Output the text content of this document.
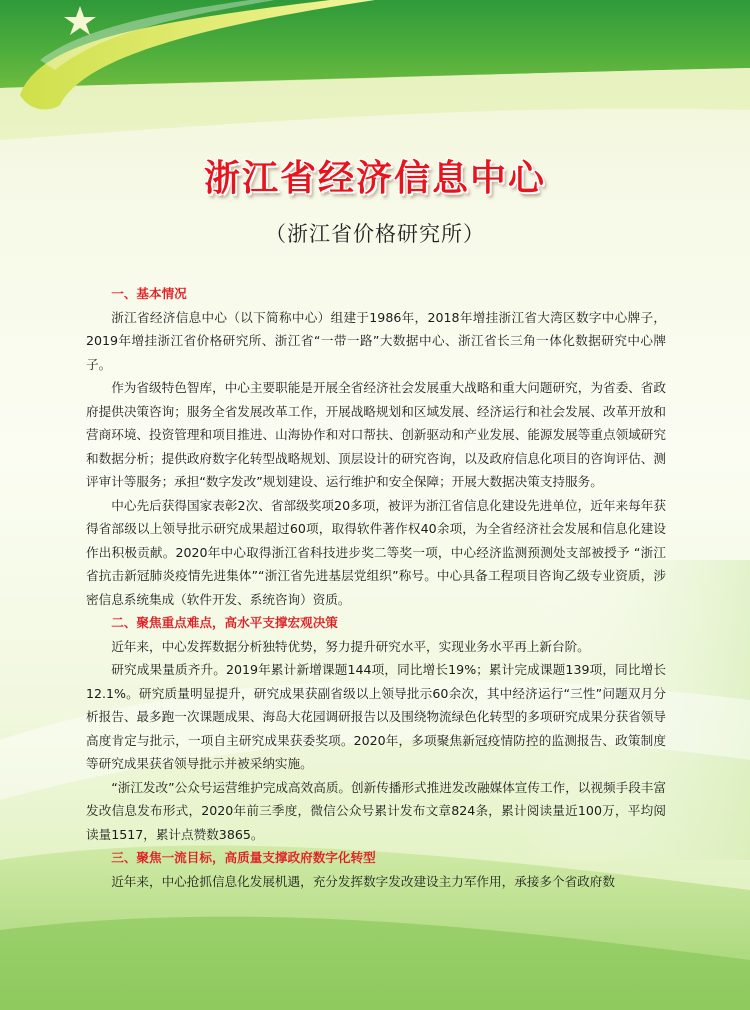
浙江省经济信息中心
（浙江省价格研究所）
一、基本情况

浙江省经济信息中心（以下简称中心）组建于1986年，2018年增挂浙江省大湾区数字中心牌子，2019年增挂浙江省价格研究所、浙江省“一带一路”大数据中心、浙江省长三角一体化数据研究中心牌子。

作为省级特色智库，中心主要职能是开展全省经济社会发展重大战略和重大问题研究，为省委、省政府提供决策咨询；服务全省发展改革工作，开展战略规划和区域发展、经济运行和社会发展、改革开放和营商环境、投资管理和项目推进、山海协作和对口帮扶、创新驱动和产业发展、能源发展等重点领域研究和数据分析；提供政府数字化转型战略规划、顶层设计的研究咨询，以及政府信息化项目的咨询评估、测评审计等服务；承担“数字发改”规划建设、运行维护和安全保障；开展大数据决策支持服务。

中心先后获得国家表彰2次、省部级奖项20多项，被评为浙江省信息化建设先进单位，近年来每年获得省部级以上领导批示研究成果超过60项，取得软件著作权40余项，为全省经济社会发展和信息化建设作出积极贡献。2020年中心取得浙江省科技进步奖二等奖一项，中心经济监测预测处支部被授予 “浙江省抗击新冠肺炎疫情先进集体”“浙江省先进基层党组织”称号。中心具备工程项目咨询乙级专业资质，涉密信息系统集成（软件开发、系统咨询）资质。

二、聚焦重点难点，高水平支撑宏观决策

近年来，中心发挥数据分析独特优势，努力提升研究水平，实现业务水平再上新台阶。

研究成果量质齐升。2019年累计新增课题144项，同比增长19%；累计完成课题139项，同比增长12.1%。研究质量明显提升，研究成果获副省级以上领导批示60余次，其中经济运行“三性”问题双月分析报告、最多跑一次课题成果、海岛大花园调研报告以及围绕物流绿色化转型的多项研究成果分获省领导高度肯定与批示，一项自主研究成果获委奖项。2020年，多项聚焦新冠疫情防控的监测报告、政策制度等研究成果获省领导批示并被采纳实施。

“浙江发改”公众号运营维护完成高效高质。创新传播形式推进发改融媒体宣传工作，以视频手段丰富发改信息发布形式，2020年前三季度，微信公众号累计发布文章824条，累计阅读量近100万，平均阅读量1517，累计点赞数3865。

三、聚焦一流目标，高质量支撑政府数字化转型

近年来，中心抢抓信息化发展机遇，充分发挥数字发改建设主力军作用，承接多个省政府数
